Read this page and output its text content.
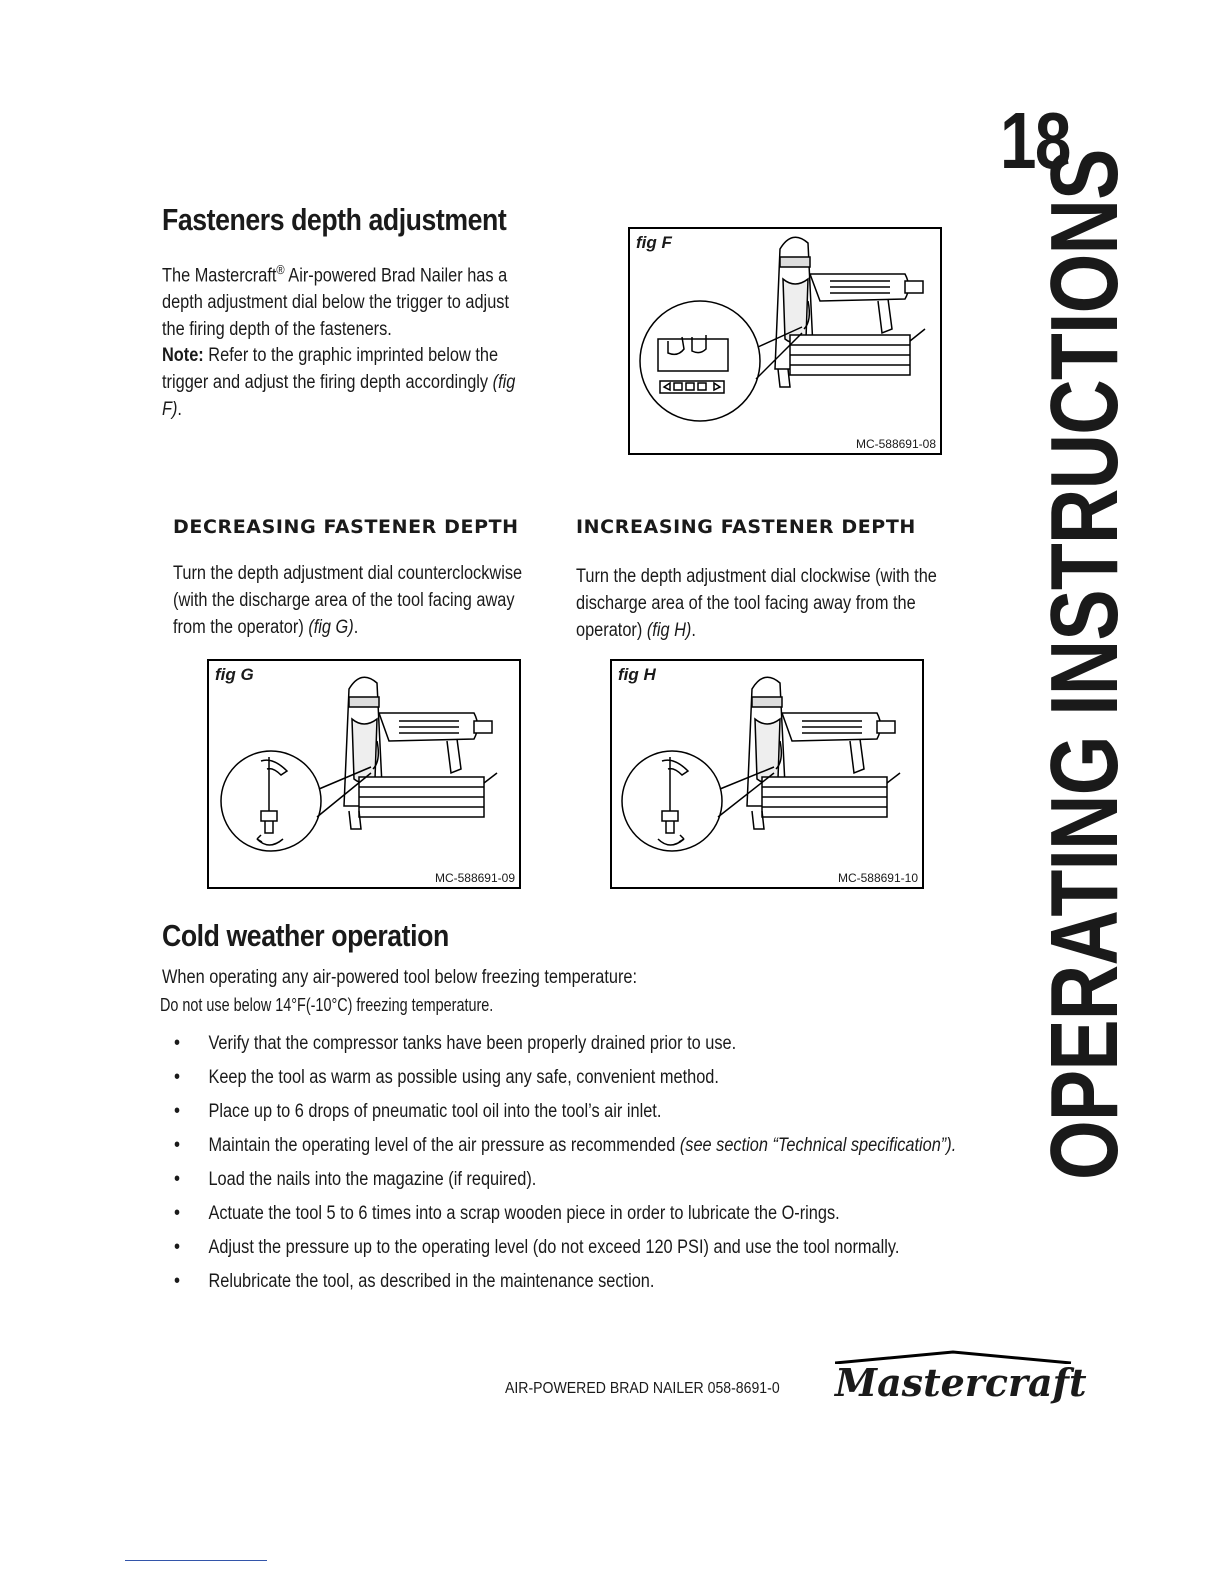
18
OPERATING INSTRUCTIONS
Fasteners depth adjustment
The Mastercraft® Air-powered Brad Nailer has a depth adjustment dial below the trigger to adjust the firing depth of the fasteners.
Note: Refer to the graphic imprinted below the trigger and adjust the firing depth accordingly (fig F).
fig F
MC-588691-08
DECREASING FASTENER DEPTH
Turn the depth adjustment dial counterclockwise (with the discharge area of the tool facing away from the operator) (fig G).
INCREASING FASTENER DEPTH
Turn the depth adjustment dial clockwise (with the discharge area of the tool facing away from the operator) (fig H).
fig G
MC-588691-09
fig H
MC-588691-10
Cold weather operation
When operating any air-powered tool below freezing temperature:
Do not use below 14°F(-10°C) freezing temperature.
• Verify that the compressor tanks have been properly drained prior to use.
• Keep the tool as warm as possible using any safe, convenient method.
• Place up to 6 drops of pneumatic tool oil into the tool’s air inlet.
• Maintain the operating level of the air pressure as recommended (see section “Technical specification”).
• Load the nails into the magazine (if required).
• Actuate the tool 5 to 6 times into a scrap wooden piece in order to lubricate the O-rings.
• Adjust the pressure up to the operating level (do not exceed 120 PSI) and use the tool normally.
• Relubricate the tool, as described in the maintenance section.
AIR-POWERED BRAD NAILER 058-8691-0 Mastercraft
